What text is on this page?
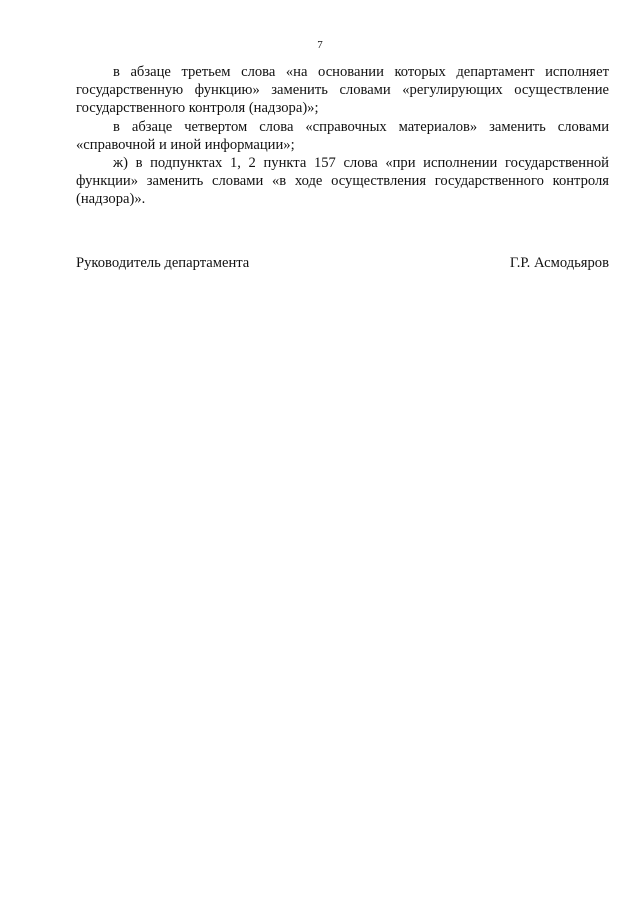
7

в абзаце третьем слова «на основании которых департамент исполняет государственную функцию» заменить словами «регулирующих осуществление государственного контроля (надзора)»;

в абзаце четвертом слова «справочных материалов» заменить словами «справочной и иной информации»;

ж) в подпунктах 1, 2 пункта 157 слова «при исполнении государственной функции» заменить словами «в ходе осуществления государственного контроля (надзора)».

Руководитель департамента	Г.Р. Асмодьяров
